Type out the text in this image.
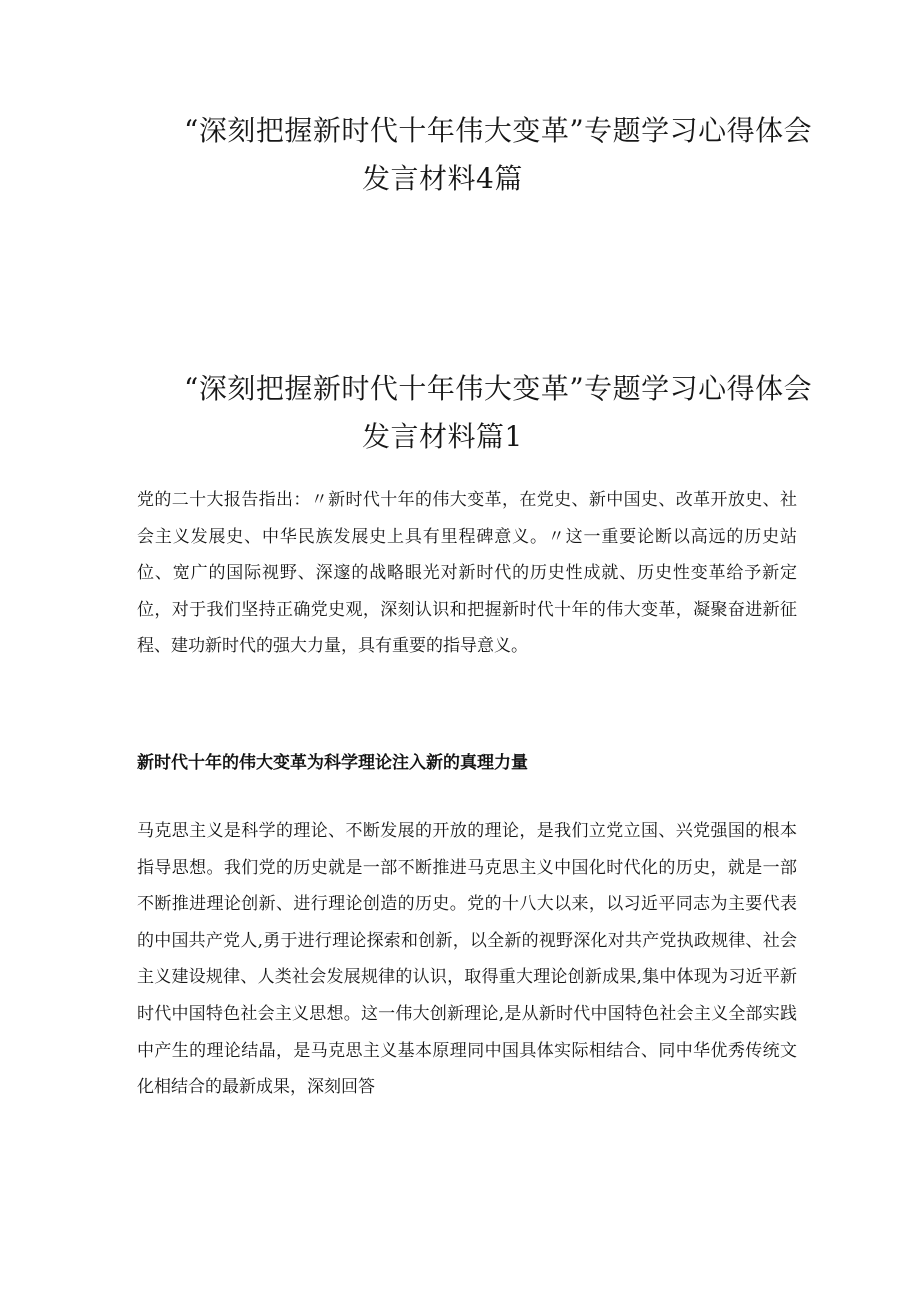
“深刻把握新时代十年伟大变革”专题学习心得体会
发言材料4篇
“深刻把握新时代十年伟大变革”专题学习心得体会
发言材料篇1

党的二十大报告指出：〃新时代十年的伟大变革，在党史、新中国史、改革开放史、社会主义发展史、中华民族发展史上具有里程碑意义。〃这一重要论断以高远的历史站位、宽广的国际视野、深邃的战略眼光对新时代的历史性成就、历史性变革给予新定位，对于我们坚持正确党史观，深刻认识和把握新时代十年的伟大变革，凝聚奋进新征程、建功新时代的强大力量，具有重要的指导意义。

新时代十年的伟大变革为科学理论注入新的真理力量

马克思主义是科学的理论、不断发展的开放的理论，是我们立党立国、兴党强国的根本指导思想。我们党的历史就是一部不断推进马克思主义中国化时代化的历史，就是一部不断推进理论创新、进行理论创造的历史。党的十八大以来，以习近平同志为主要代表的中国共产党人,勇于进行理论探索和创新，以全新的视野深化对共产党执政规律、社会主义建设规律、人类社会发展规律的认识，取得重大理论创新成果,集中体现为习近平新时代中国特色社会主义思想。这一伟大创新理论,是从新时代中国特色社会主义全部实践中产生的理论结晶，是马克思主义基本原理同中国具体实际相结合、同中华优秀传统文化相结合的最新成果，深刻回答
